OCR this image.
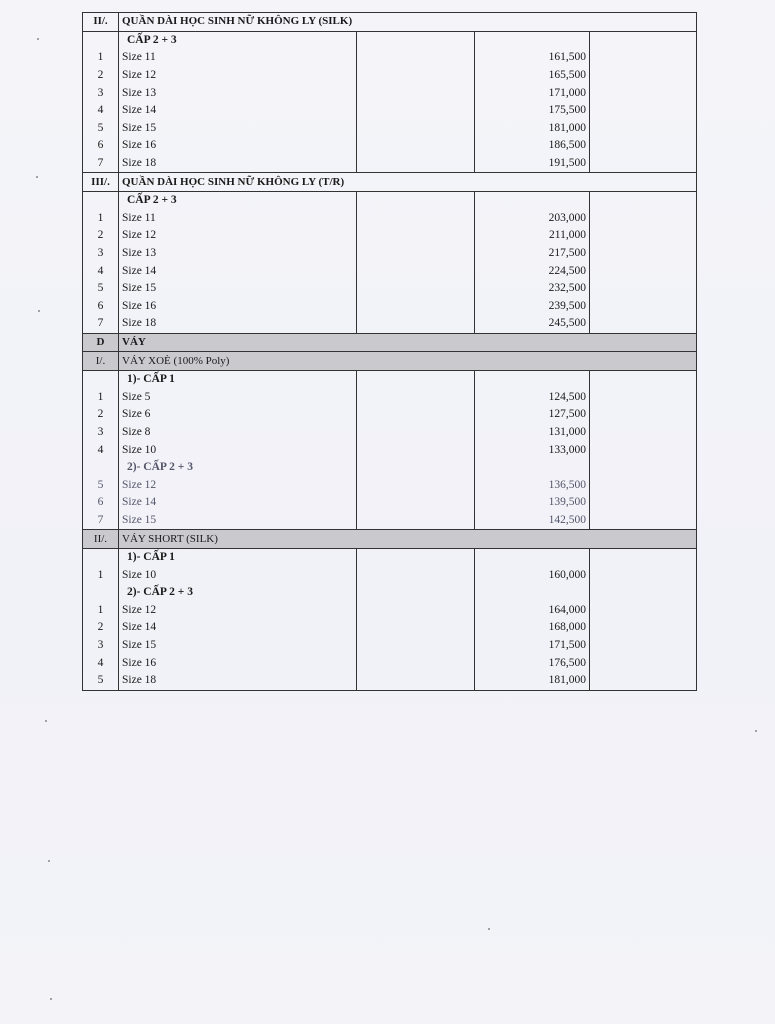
II/.	QUẦN DÀI HỌC SINH NỮ KHÔNG LY (SILK)			
	CẤP 2 + 3			
1	Size 11		161,500	
2	Size 12		165,500	
3	Size 13		171,000	
4	Size 14		175,500	
5	Size 15		181,000	
6	Size 16		186,500	
7	Size 18		191,500	
III/.	QUẦN DÀI HỌC SINH NỮ KHÔNG LY (T/R)			
	CẤP 2 + 3			
1	Size 11		203,000	
2	Size 12		211,000	
3	Size 13		217,500	
4	Size 14		224,500	
5	Size 15		232,500	
6	Size 16		239,500	
7	Size 18		245,500	
D	VÁY			
I/.	VÁY XOÈ (100% Poly)			
	1)- CẤP 1			
1	Size 5		124,500	
2	Size 6		127,500	
3	Size 8		131,000	
4	Size 10		133,000	
	2)- CẤP 2 + 3			
5	Size 12		136,500	
6	Size 14		139,500	
7	Size 15		142,500	
II/.	VÁY SHORT (SILK)			
	1)- CẤP 1			
1	Size 10		160,000	
	2)- CẤP 2 + 3			
1	Size 12		164,000	
2	Size 14		168,000	
3	Size 15		171,500	
4	Size 16		176,500	
5	Size 18		181,000	
